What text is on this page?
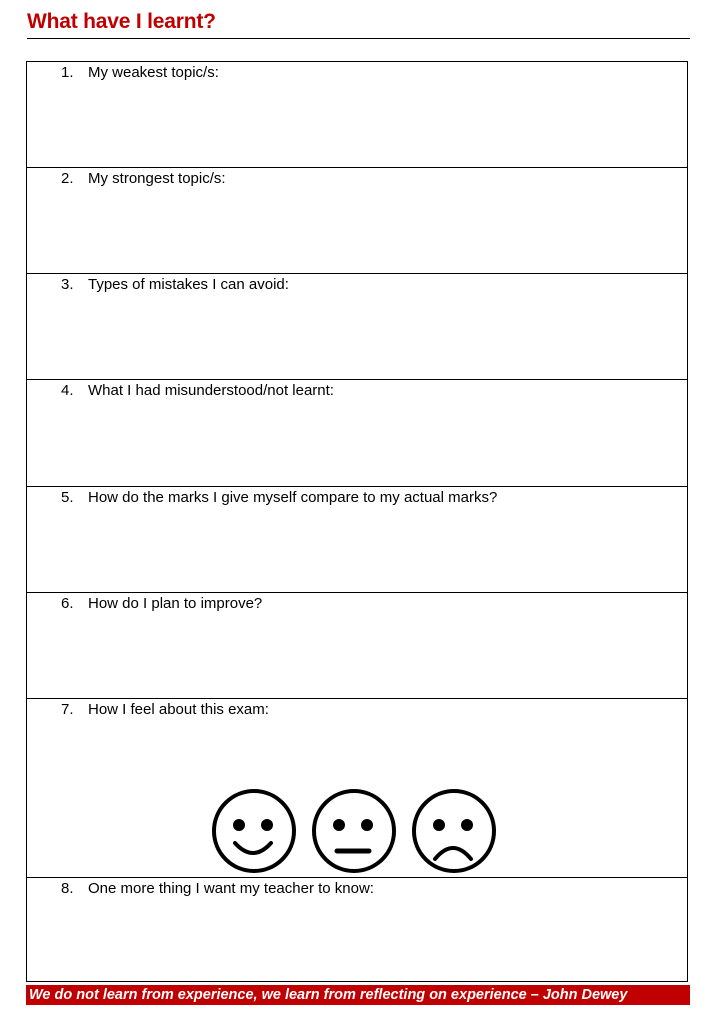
What have I learnt?
1. My weakest topic/s:
2. My strongest topic/s:
3. Types of mistakes I can avoid:
4. What I had misunderstood/not learnt:
5. How do the marks I give myself compare to my actual marks?
6. How do I plan to improve?
7. How I feel about this exam:
8. One more thing I want my teacher to know:
We do not learn from experience, we learn from reflecting on experience – John Dewey
